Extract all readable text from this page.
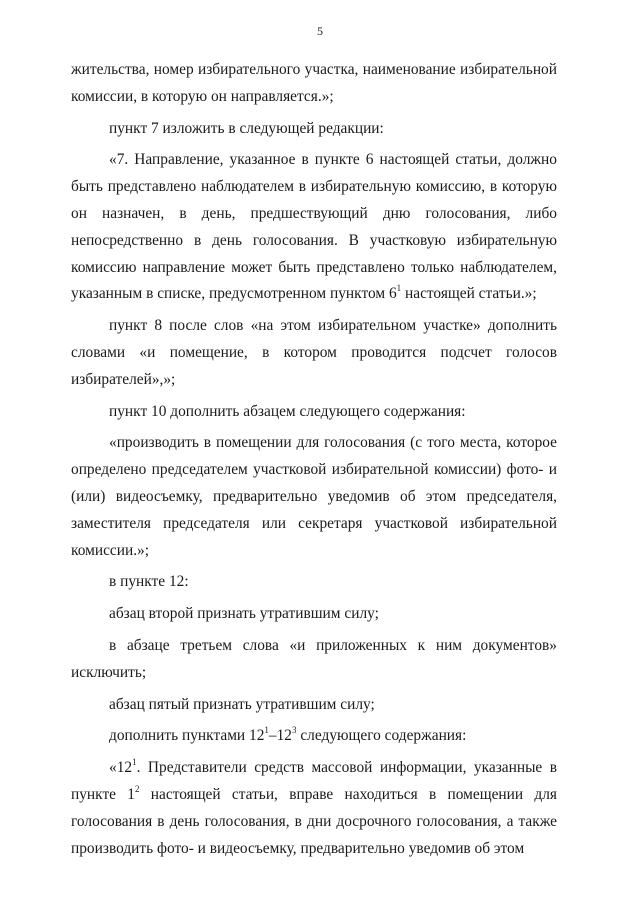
5

жительства, номер избирательного участка, наименование избирательной комиссии, в которую он направляется.»;

пункт 7 изложить в следующей редакции:

«7. Направление, указанное в пункте 6 настоящей статьи, должно быть представлено наблюдателем в избирательную комиссию, в которую он назначен, в день, предшествующий дню голосования, либо непосредственно в день голосования. В участковую избирательную комиссию направление может быть представлено только наблюдателем, указанным в списке, предусмотренном пунктом $6^1$ настоящей статьи.»;

пункт 8 после слов «на этом избирательном участке» дополнить словами «и помещение, в котором проводится подсчет голосов избирателей»,»;

пункт 10 дополнить абзацем следующего содержания:

«производить в помещении для голосования (с того места, которое определено председателем участковой избирательной комиссии) фото- и (или) видеосъемку, предварительно уведомив об этом председателя, заместителя председателя или секретаря участковой избирательной комиссии.»;

в пункте 12:

абзац второй признать утратившим силу;

в абзаце третьем слова «и приложенных к ним документов» исключить;

абзац пятый признать утратившим силу;

дополнить пунктами $12^1-12^3$ следующего содержания:

«$12^1$. Представители средств массовой информации, указанные в пункте $1^2$ настоящей статьи, вправе находиться в помещении для голосования в день голосования, в дни досрочного голосования, а также производить фото- и видеосъемку, предварительно уведомив об этом
